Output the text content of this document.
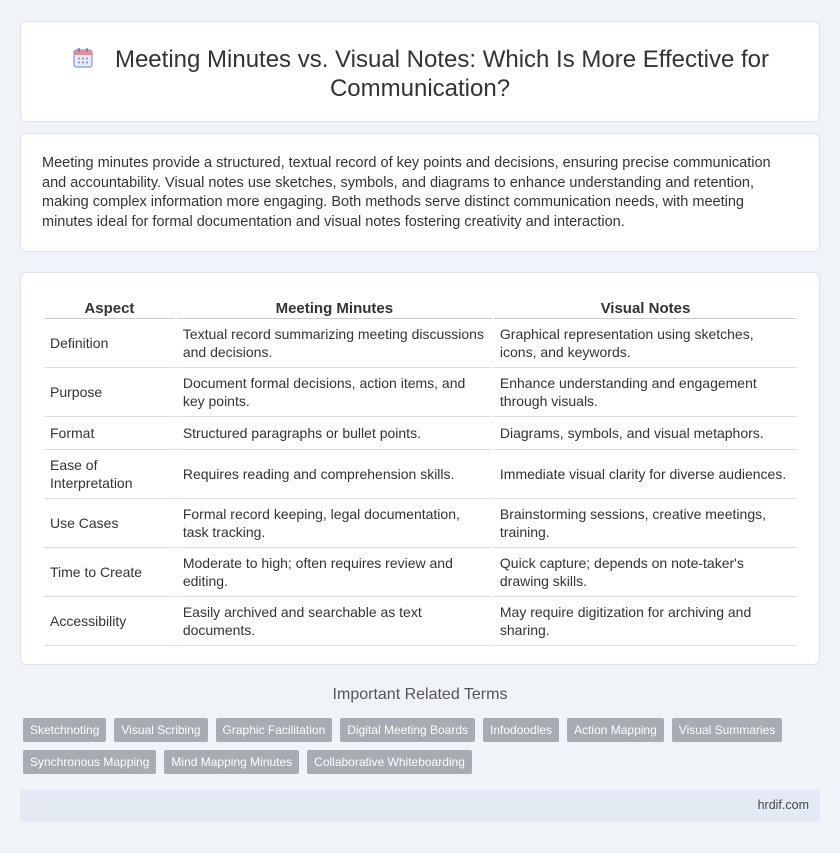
Meeting Minutes vs. Visual Notes: Which Is More Effective for Communication?

Meeting minutes provide a structured, textual record of key points and decisions, ensuring precise communication and accountability. Visual notes use sketches, symbols, and diagrams to enhance understanding and retention, making complex information more engaging. Both methods serve distinct communication needs, with meeting minutes ideal for formal documentation and visual notes fostering creativity and interaction.

Aspect	Meeting Minutes	Visual Notes
Definition	Textual record summarizing meeting discussions and decisions.	Graphical representation using sketches, icons, and keywords.
Purpose	Document formal decisions, action items, and key points.	Enhance understanding and engagement through visuals.
Format	Structured paragraphs or bullet points.	Diagrams, symbols, and visual metaphors.
Ease of Interpretation	Requires reading and comprehension skills.	Immediate visual clarity for diverse audiences.
Use Cases	Formal record keeping, legal documentation, task tracking.	Brainstorming sessions, creative meetings, training.
Time to Create	Moderate to high; often requires review and editing.	Quick capture; depends on note-taker's drawing skills.
Accessibility	Easily archived and searchable as text documents.	May require digitization for archiving and sharing.
Important Related Terms
Sketchnoting	Visual Scribing	Graphic Facilitation	Digital Meeting Boards	Infodoodles	Action Mapping	Visual Summaries
Synchronous Mapping	Mind Mapping Minutes	Collaborative Whiteboarding
hrdif.com
